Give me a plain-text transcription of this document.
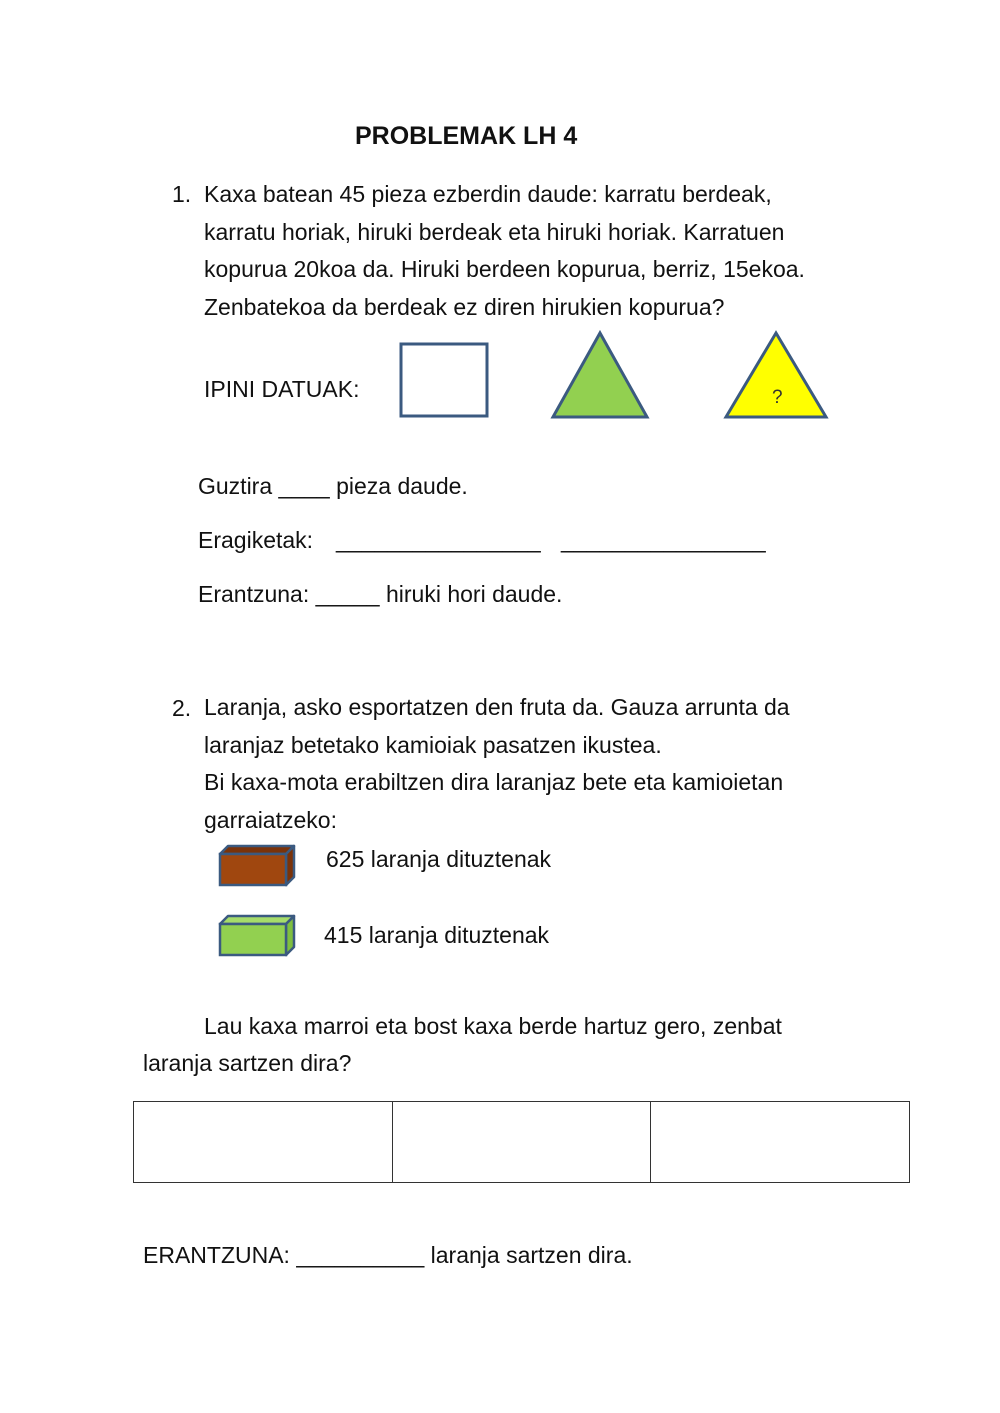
PROBLEMAK LH 4
1. Kaxa batean 45 pieza ezberdin daude: karratu berdeak,
karratu horiak, hiruki berdeak eta hiruki horiak. Karratuen
kopurua 20koa da. Hiruki berdeen kopurua, berriz, 15ekoa.
Zenbatekoa da berdeak ez diren hirukien kopurua?
IPINI DATUAK:	?
Guztira ____ pieza daude.
Eragiketak: ________________ ________________
Erantzuna: _____ hiruki hori daude.
2. Laranja, asko esportatzen den fruta da. Gauza arrunta da
laranjaz betetako kamioiak pasatzen ikustea.
Bi kaxa-mota erabiltzen dira laranjaz bete eta kamioietan
garraiatzeko:
625 laranja dituztenak
415 laranja dituztenak
Lau kaxa marroi eta bost kaxa berde hartuz gero, zenbat
laranja sartzen dira?

ERANTZUNA: __________ laranja sartzen dira.
